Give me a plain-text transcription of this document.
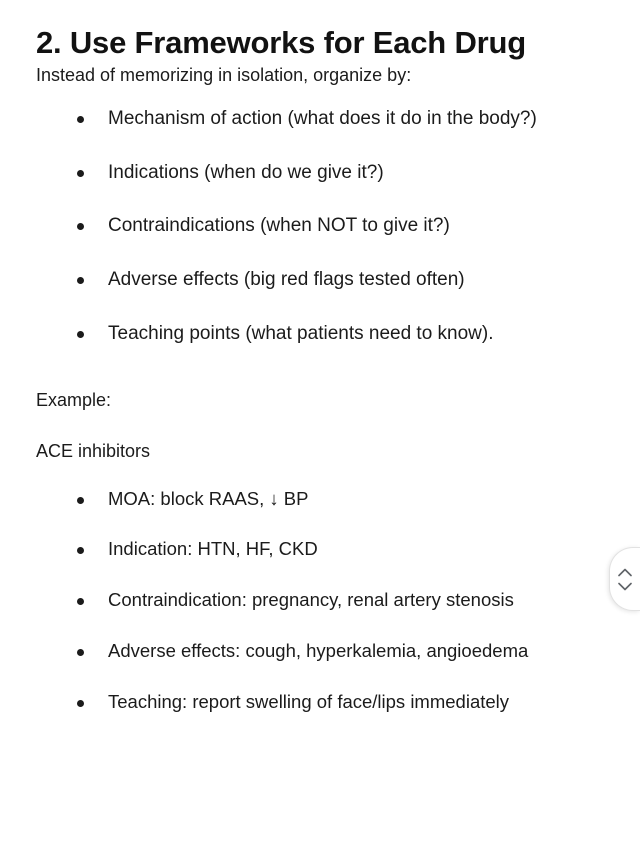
2. Use Frameworks for Each Drug

Instead of memorizing in isolation, organize by:

Mechanism of action (what does it do in the body?)
Indications (when do we give it?)
Contraindications (when NOT to give it?)
Adverse effects (big red flags tested often)
Teaching points (what patients need to know).

Example:

ACE inhibitors

MOA: block RAAS, ↓ BP
Indication: HTN, HF, CKD
Contraindication: pregnancy, renal artery stenosis
Adverse effects: cough, hyperkalemia, angioedema
Teaching: report swelling of face/lips immediately
